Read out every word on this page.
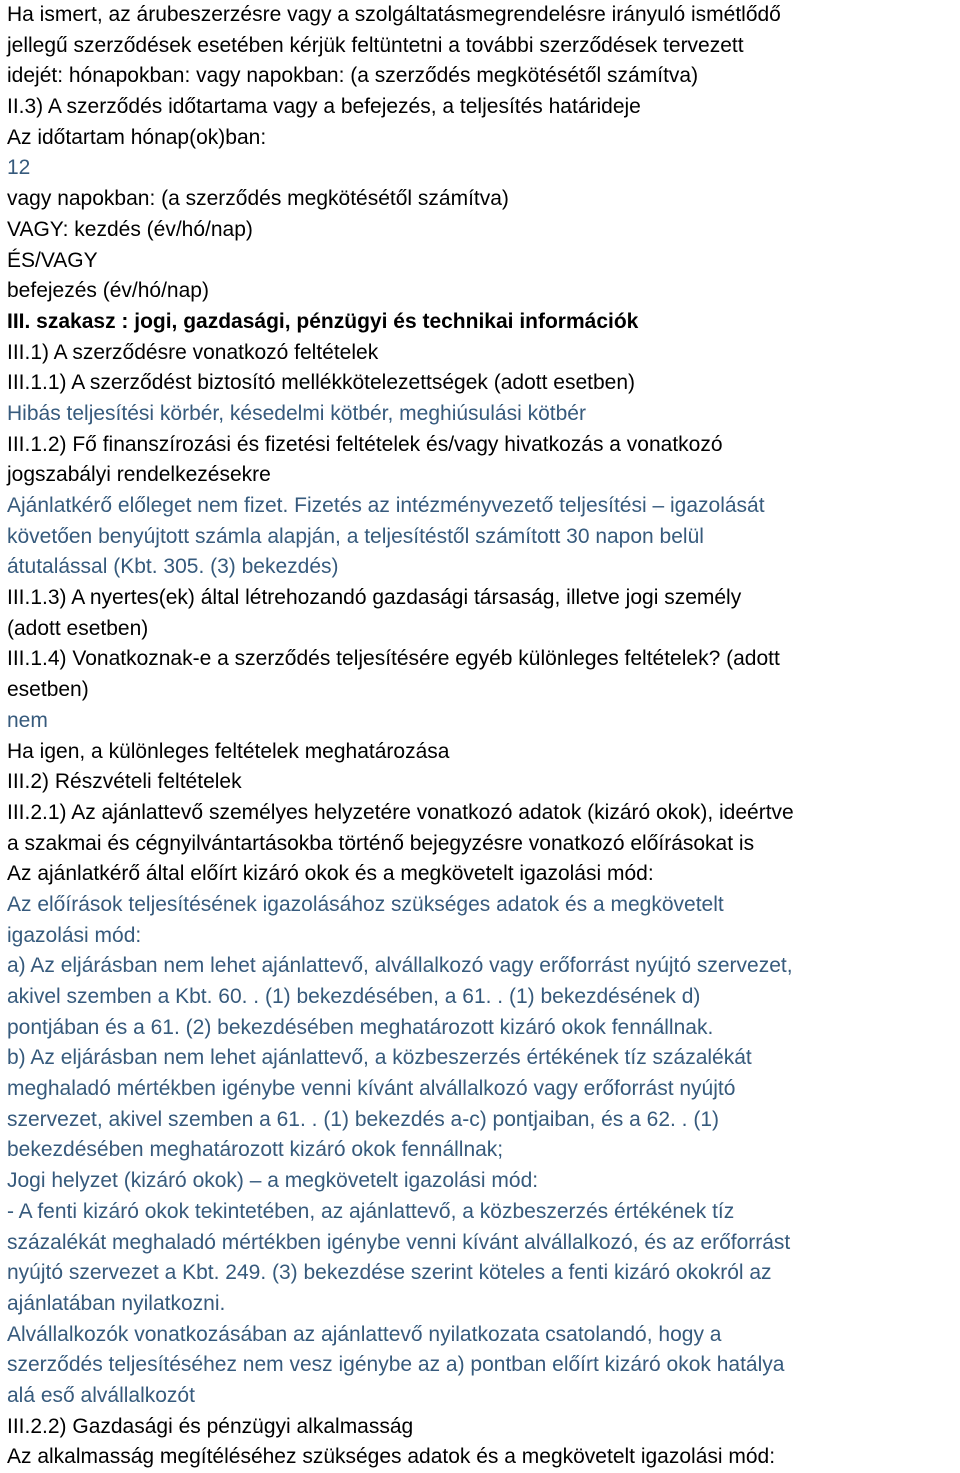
Ha ismert, az árubeszerzésre vagy a szolgáltatásmegrendelésre irányuló ismétlődő
jellegű szerződések esetében kérjük feltüntetni a további szerződések tervezett
idejét: hónapokban: vagy napokban: (a szerződés megkötésétől számítva)
II.3) A szerződés időtartama vagy a befejezés, a teljesítés határideje
Az időtartam hónap(ok)ban:
12
vagy napokban: (a szerződés megkötésétől számítva)
VAGY: kezdés (év/hó/nap)
ÉS/VAGY
befejezés (év/hó/nap)
III. szakasz : jogi, gazdasági, pénzügyi és technikai információk
III.1) A szerződésre vonatkozó feltételek
III.1.1) A szerződést biztosító mellékkötelezettségek (adott esetben)
Hibás teljesítési körbér, késedelmi kötbér, meghiúsulási kötbér
III.1.2) Fő finanszírozási és fizetési feltételek és/vagy hivatkozás a vonatkozó
jogszabályi rendelkezésekre
Ajánlatkérő előleget nem fizet. Fizetés az intézményvezető teljesítési – igazolását
követően benyújtott számla alapján, a teljesítéstől számított 30 napon belül
átutalással (Kbt. 305. (3) bekezdés)
III.1.3) A nyertes(ek) által létrehozandó gazdasági társaság, illetve jogi személy
(adott esetben)
III.1.4) Vonatkoznak-e a szerződés teljesítésére egyéb különleges feltételek? (adott
esetben)
nem
Ha igen, a különleges feltételek meghatározása
III.2) Részvételi feltételek
III.2.1) Az ajánlattevő személyes helyzetére vonatkozó adatok (kizáró okok), ideértve
a szakmai és cégnyilvántartásokba történő bejegyzésre vonatkozó előírásokat is
Az ajánlatkérő által előírt kizáró okok és a megkövetelt igazolási mód:
Az előírások teljesítésének igazolásához szükséges adatok és a megkövetelt
igazolási mód:
a) Az eljárásban nem lehet ajánlattevő, alvállalkozó vagy erőforrást nyújtó szervezet,
akivel szemben a Kbt. 60. . (1) bekezdésében, a 61. . (1) bekezdésének d)
pontjában és a 61. (2) bekezdésében meghatározott kizáró okok fennállnak.
b) Az eljárásban nem lehet ajánlattevő, a közbeszerzés értékének tíz százalékát
meghaladó mértékben igénybe venni kívánt alvállalkozó vagy erőforrást nyújtó
szervezet, akivel szemben a 61. . (1) bekezdés a-c) pontjaiban, és a 62. . (1)
bekezdésében meghatározott kizáró okok fennállnak;
Jogi helyzet (kizáró okok) – a megkövetelt igazolási mód:
- A fenti kizáró okok tekintetében, az ajánlattevő, a közbeszerzés értékének tíz
százalékát meghaladó mértékben igénybe venni kívánt alvállalkozó, és az erőforrást
nyújtó szervezet a Kbt. 249. (3) bekezdése szerint köteles a fenti kizáró okokról az
ajánlatában nyilatkozni.
Alvállalkozók vonatkozásában az ajánlattevő nyilatkozata csatolandó, hogy a
szerződés teljesítéséhez nem vesz igénybe az a) pontban előírt kizáró okok hatálya
alá eső alvállalkozót
III.2.2) Gazdasági és pénzügyi alkalmasság
Az alkalmasság megítéléséhez szükséges adatok és a megkövetelt igazolási mód:
